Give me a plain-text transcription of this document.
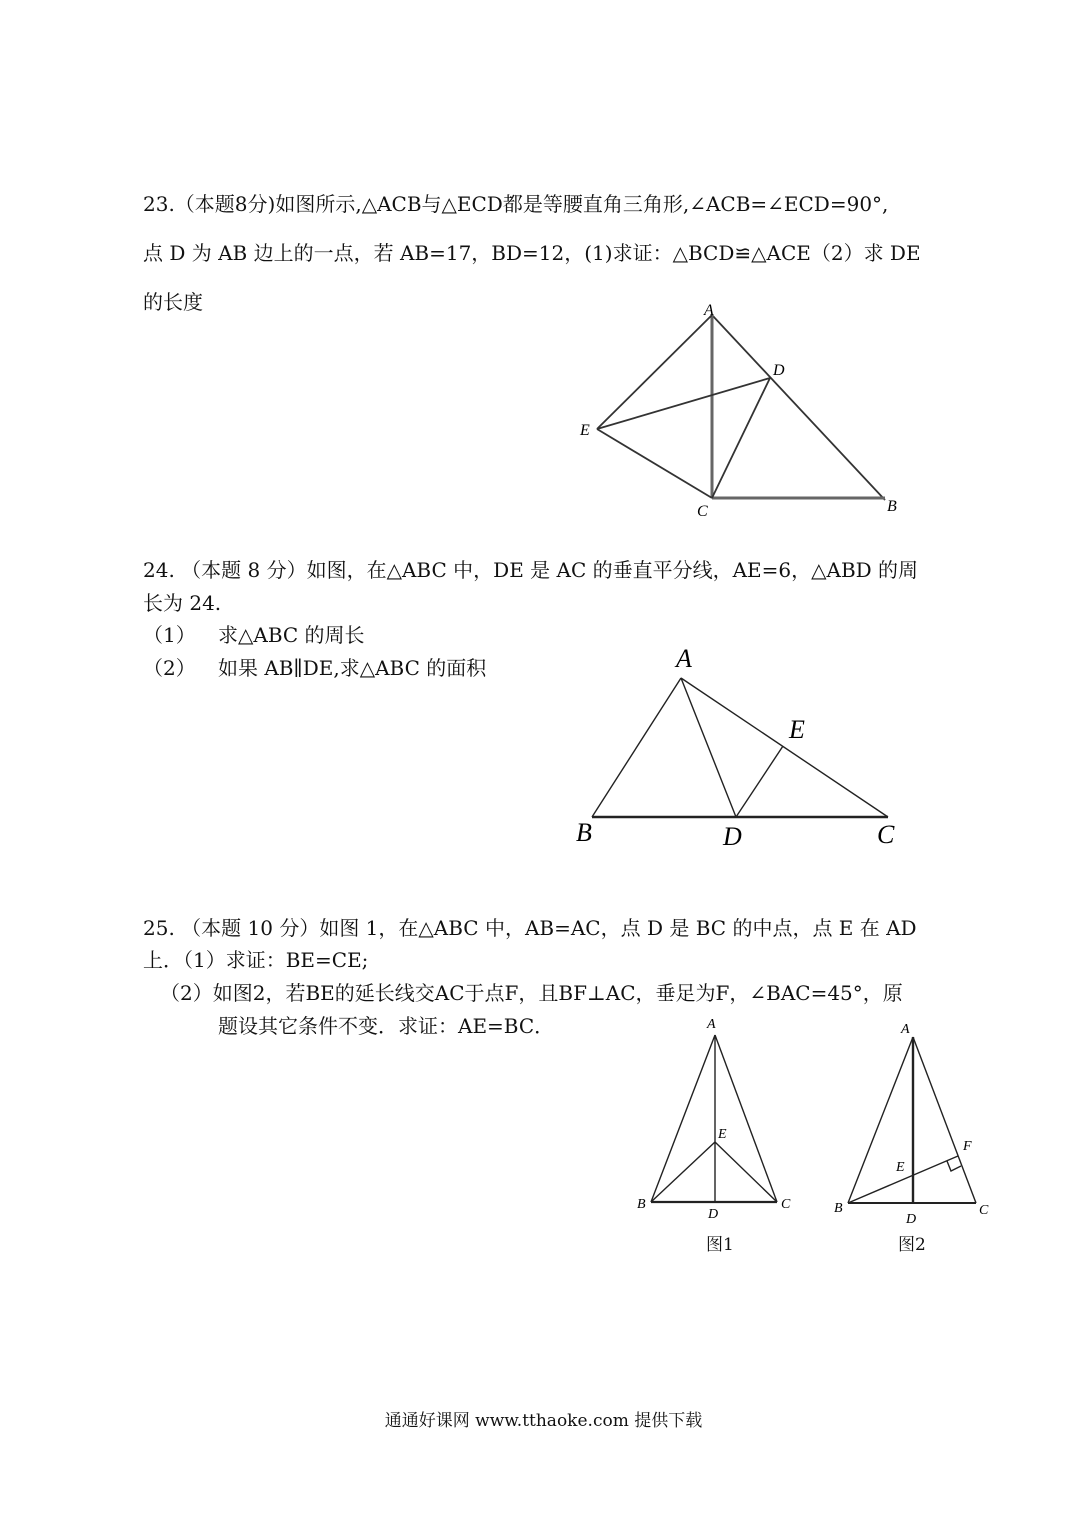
23.（本题8分)如图所示,△ACB与△ECD都是等腰直角三角形,∠ACB=∠ECD=90°,
点 D 为 AB 边上的一点，若 AB=17，BD=12，(1)求证：△BCD≌△ACE（2）求 DE
的长度	A
D
E
C	B
24. （本题 8 分）如图，在△ABC 中，DE 是 AC 的垂直平分线，AE=6，△ABD 的周
长为 24.
（1） 求△ABC 的周长
（2） 如果 AB∥DE,求△ABC 的面积	A
E
B	D	C
25. （本题 10 分）如图 1，在△ABC 中，AB=AC，点 D 是 BC 的中点，点 E 在 AD
上．（1）求证：BE=CE;
（2）如图2，若BE的延长线交AC于点F，且BF⊥AC，垂足为F，∠BAC=45°，原
题设其它条件不变．求证：AE=BC．	A
E
B
D
C
图1
A
F
E
B
D
C
图2
通通好课网 www.tthaoke.com 提供下载
